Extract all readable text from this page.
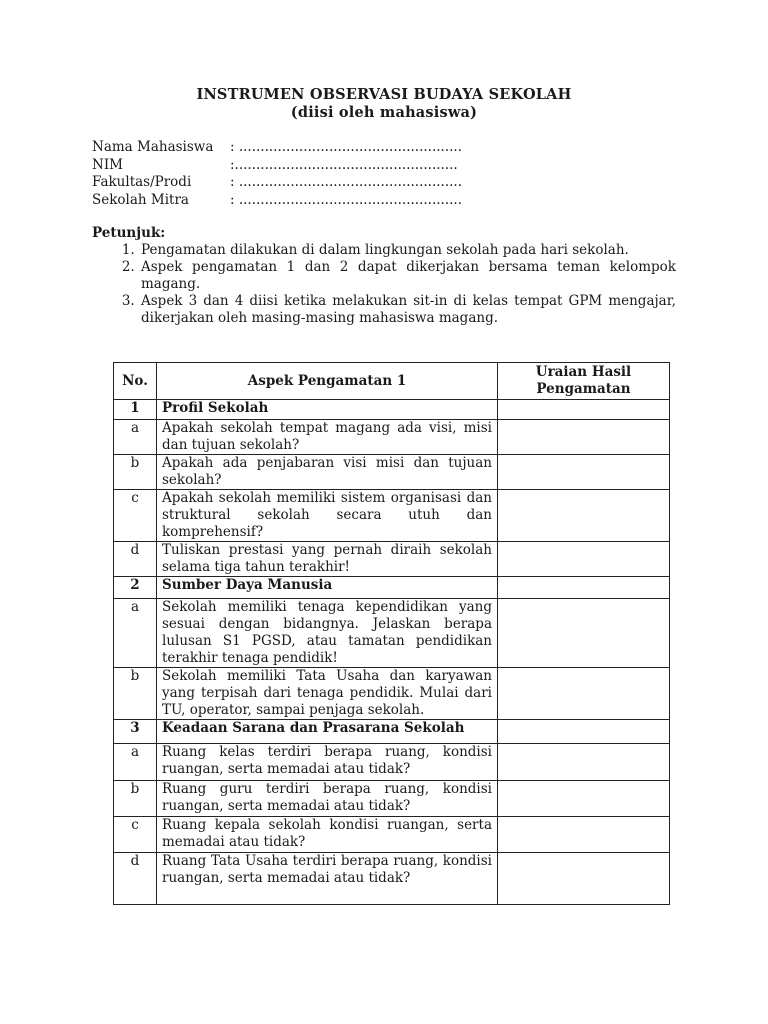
INSTRUMEN OBSERVASI BUDAYA SEKOLAH
(diisi oleh mahasiswa)
Nama Mahasiswa	: ....................................................
NIM	:....................................................
Fakultas/Prodi	: ....................................................
Sekolah Mitra	: ....................................................
Petunjuk:
1. Pengamatan dilakukan di dalam lingkungan sekolah pada hari sekolah.
2. Aspek pengamatan 1 dan 2 dapat dikerjakan bersama teman kelompok magang.
3. Aspek 3 dan 4 diisi ketika melakukan sit-in di kelas tempat GPM mengajar, dikerjakan oleh masing-masing mahasiswa magang.
No.	Aspek Pengamatan 1	Uraian Hasil Pengamatan
1	Profil Sekolah	
a	Apakah sekolah tempat magang ada visi, misi dan tujuan sekolah?	
b	Apakah ada penjabaran visi misi dan tujuan sekolah?	
c	Apakah sekolah memiliki sistem organisasi dan struktural sekolah secara utuh dan komprehensif?	
d	Tuliskan prestasi yang pernah diraih sekolah selama tiga tahun terakhir!	
2	Sumber Daya Manusia	
a	Sekolah memiliki tenaga kependidikan yang sesuai dengan bidangnya. Jelaskan berapa lulusan S1 PGSD, atau tamatan pendidikan terakhir tenaga pendidik!	
b	Sekolah memiliki Tata Usaha dan karyawan yang terpisah dari tenaga pendidik. Mulai dari TU, operator, sampai penjaga sekolah.	
3	Keadaan Sarana dan Prasarana Sekolah	
a	Ruang kelas terdiri berapa ruang, kondisi ruangan, serta memadai atau tidak?	
b	Ruang guru terdiri berapa ruang, kondisi ruangan, serta memadai atau tidak?	
c	Ruang kepala sekolah kondisi ruangan, serta memadai atau tidak?	
d	Ruang Tata Usaha terdiri berapa ruang, kondisi ruangan, serta memadai atau tidak?	
